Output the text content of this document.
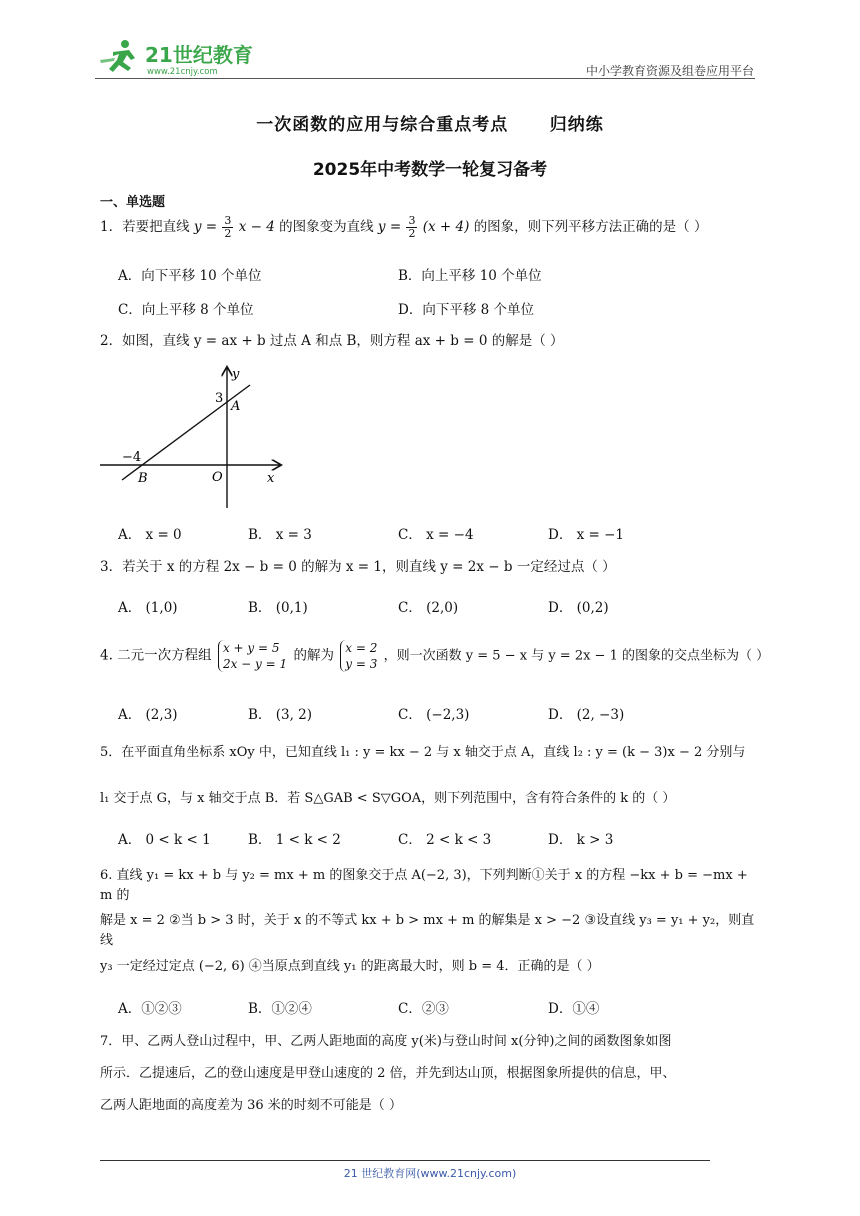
21世纪教育
www.21cnjy.com	中小学教育资源及组卷应用平台
一次函数的应用与综合重点考点      归纳练
2025年中考数学一轮复习备考
一、单选题
1．若要把直线 $y = \frac{3}{2}$ x − 4 的图象变为直线 $y = \frac{3}{2} (x + 4)$ 的图象，则下列平移方法正确的是（ ）
A．向下平移 10 个单位	B．向上平移 10 个单位
C．向上平移 8 个单位	D．向下平移 8 个单位
2．如图，直线 y = ax + b 过点 A 和点 B，则方程 ax + b = 0 的解是（ ）
y
x
O
A
3
B
−4
A． x = 0	B． x = 3	C． x = −4	D． x = −1
3．若关于 x 的方程 2x − b = 0 的解为 x = 1，则直线 y = 2x − b 一定经过点（ ）
A． (1,0)	B． (0,1)	C． (2,0)	D． (0,2)
4. 二元一次方程组 x + y = 5
2x − y = 1
的解为 x = 2
y = 3
，则一次函数 y = 5 − x 与 y = 2x − 1 的图象的交点坐标为（ ）
A． (2,3)	B． (3, 2)	C． (−2,3)	D． (2, −3)
5．在平面直角坐标系 xOy 中，已知直线 l₁ : y = kx − 2 与 x 轴交于点 A，直线 l₂ : y = (k − 3)x − 2 分别与
l₁ 交于点 G，与 x 轴交于点 B．若 S△GAB < S▽GOA，则下列范围中，含有符合条件的 k 的（ ）
A． 0 < k < 1	B． 1 < k < 2	C． 2 < k < 3	D． k > 3
6. 直线 y₁ = kx + b 与 y₂ = mx + m 的图象交于点 A(−2, 3)，下列判断①关于 x 的方程 −kx + b = −mx + m 的
解是 x = 2 ②当 b > 3 时，关于 x 的不等式 kx + b > mx + m 的解集是 x > −2 ③设直线 y₃ = y₁ + y₂，则直线
y₃ 一定经过定点 (−2, 6) ④当原点到直线 y₁ 的距离最大时，则 b = 4．正确的是（ ）
A．①②③	B．①②④	C．②③	D．①④
7．甲、乙两人登山过程中，甲、乙两人距地面的高度 y(米)与登山时间 x(分钟)之间的函数图象如图
所示．乙提速后，乙的登山速度是甲登山速度的 2 倍，并先到达山顶，根据图象所提供的信息，甲、
乙两人距地面的高度差为 36 米的时刻不可能是（ ）
21 世纪教育网(www.21cnjy.com)
